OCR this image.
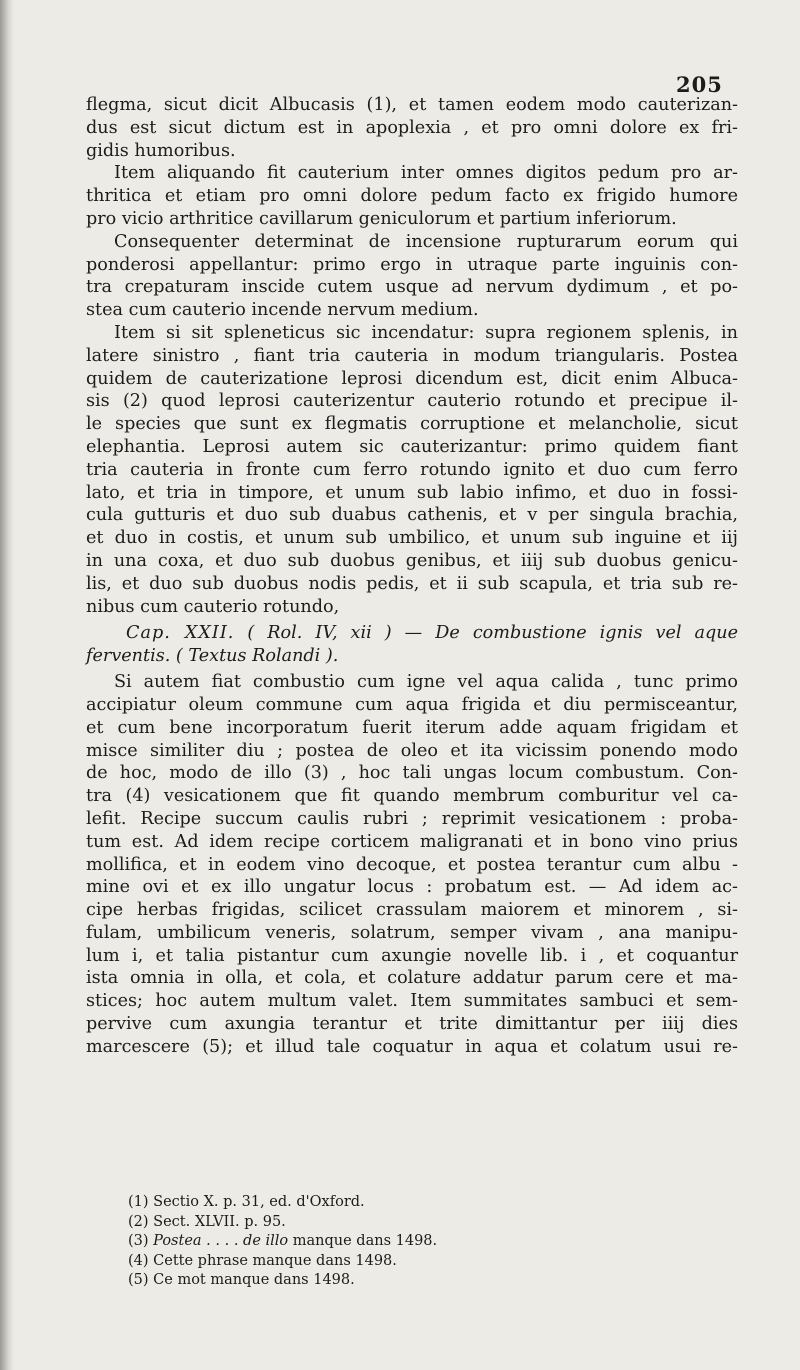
205
flegma, sicut dicit Albucasis (1), et tamen eodem modo cauterizan-
dus est sicut dictum est in apoplexia , et pro omni dolore ex fri-
gidis humoribus.
Item aliquando fit cauterium inter omnes digitos pedum pro ar-
thritica et etiam pro omni dolore pedum facto ex frigido humore
pro vicio arthritice cavillarum geniculorum et partium inferiorum.
Consequenter determinat de incensione rupturarum eorum qui
ponderosi appellantur: primo ergo in utraque parte inguinis con-
tra crepaturam inscide cutem usque ad nervum dydimum , et po-
stea cum cauterio incende nervum medium.
Item si sit spleneticus sic incendatur: supra regionem splenis, in
latere sinistro , fiant tria cauteria in modum triangularis. Postea
quidem de cauterizatione leprosi dicendum est, dicit enim Albuca-
sis (2) quod leprosi cauterizentur cauterio rotundo et precipue il-
le species que sunt ex flegmatis corruptione et melancholie, sicut
elephantia. Leprosi autem sic cauterizantur: primo quidem fiant
tria cauteria in fronte cum ferro rotundo ignito et duo cum ferro
lato, et tria in timpore, et unum sub labio infimo, et duo in fossi-
cula gutturis et duo sub duabus cathenis, et v per singula brachia,
et duo in costis, et unum sub umbilico, et unum sub inguine et iij
in una coxa, et duo sub duobus genibus, et iiij sub duobus genicu-
lis, et duo sub duobus nodis pedis, et ii sub scapula, et tria sub re-
nibus cum cauterio rotundo,
Cap. XXII. ( Rol. IV, xii ) — De combustione ignis vel aque
ferventis. ( Textus Rolandi ).
Si autem fiat combustio cum igne vel aqua calida , tunc primo
accipiatur oleum commune cum aqua frigida et diu permisceantur,
et cum bene incorporatum fuerit iterum adde aquam frigidam et
misce similiter diu ; postea de oleo et ita vicissim ponendo modo
de hoc, modo de illo (3) , hoc tali ungas locum combustum. Con-
tra (4) vesicationem que fit quando membrum comburitur vel ca-
lefit. Recipe succum caulis rubri ; reprimit vesicationem : proba-
tum est. Ad idem recipe corticem maligranati et in bono vino prius
mollifica, et in eodem vino decoque, et postea terantur cum albu -
mine ovi et ex illo ungatur locus : probatum est. — Ad idem ac-
cipe herbas frigidas, scilicet crassulam maiorem et minorem , si-
fulam, umbilicum veneris, solatrum, semper vivam , ana manipu-
lum i, et talia pistantur cum axungie novelle lib. i , et coquantur
ista omnia in olla, et cola, et colature addatur parum cere et ma-
stices; hoc autem multum valet. Item summitates sambuci et sem-
pervive cum axungia terantur et trite dimittantur per iiij dies
marcescere (5); et illud tale coquatur in aqua et colatum usui re-
(1) Sectio X. p. 31, ed. d'Oxford.
(2) Sect. XLVII. p. 95.
(3) Postea . . . . de illo manque dans 1498.
(4) Cette phrase manque dans 1498.
(5) Ce mot manque dans 1498.
